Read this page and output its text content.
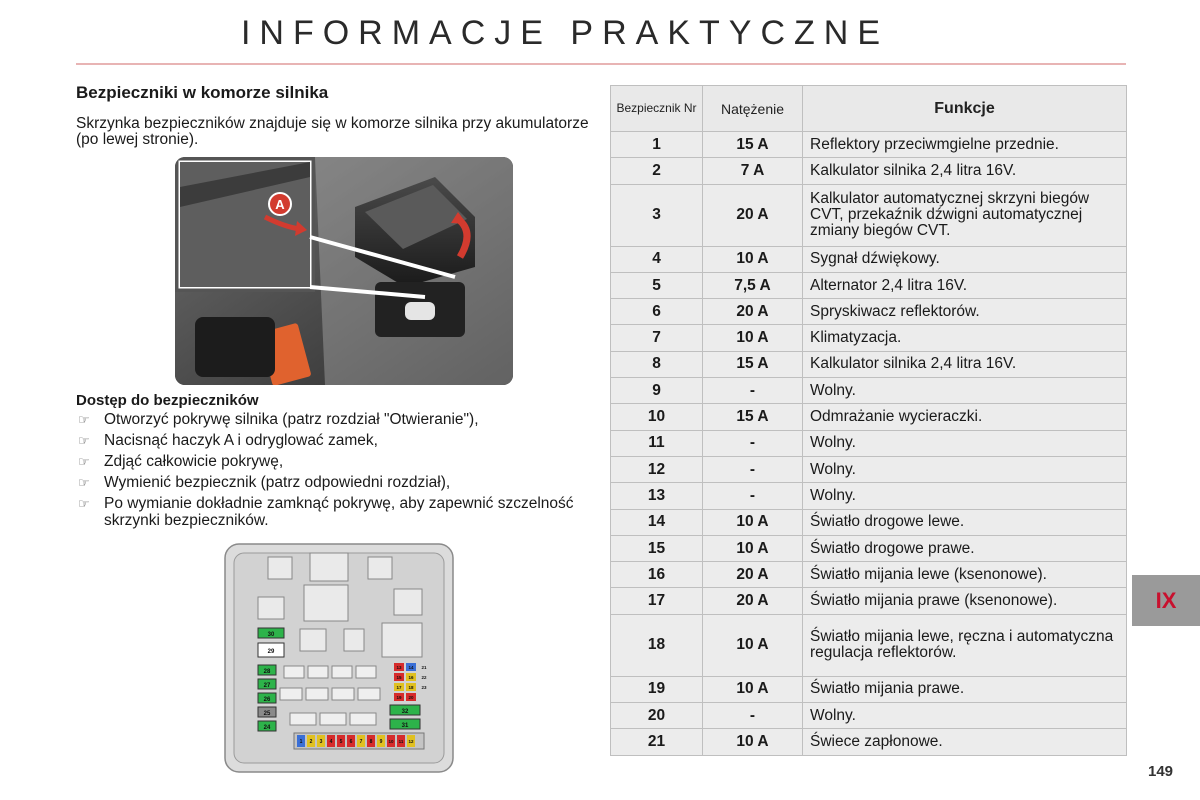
INFORMACJE PRAKTYCZNE
Bezpieczniki w komorze silnika
Skrzynka bezpieczników znajduje się w komorze silnika przy akumulatorze (po lewej stronie).
A
Dostęp do bezpieczników
☞ Otworzyć pokrywę silnika (patrz rozdział "Otwieranie"),
☞ Nacisnąć haczyk A i odryglować zamek,
☞ Zdjąć całkowicie pokrywę,
☞ Wymienić bezpiecznik (patrz odpowiedni rozdział),
☞ Po wymianie dokładnie zamknąć pokrywę, aby zapewnić szczelność skrzynki bezpieczników.
30
29
28
27
26
25
24
32
31
1 2 3 4 5 6 7 8 9 10 11 12
13 14
15 16
17 18
19 20
21
22
23
Bezpiecznik Nr	Natężenie	Funkcje
1	15 A	Reflektory przeciwmgielne przednie.
2	7 A	Kalkulator silnika 2,4 litra 16V.
3	20 A	Kalkulator automatycznej skrzyni biegów CVT, przekaźnik dźwigni automatycznej zmiany biegów CVT.
4	10 A	Sygnał dźwiękowy.
5	7,5 A	Alternator 2,4 litra 16V.
6	20 A	Spryskiwacz reflektorów.
7	10 A	Klimatyzacja.
8	15 A	Kalkulator silnika 2,4 litra 16V.
9	-	Wolny.
10	15 A	Odmrażanie wycieraczki.
11	-	Wolny.
12	-	Wolny.
13	-	Wolny.
14	10 A	Światło drogowe lewe.
15	10 A	Światło drogowe prawe.
16	20 A	Światło mijania lewe (ksenonowe).
17	20 A	Światło mijania prawe (ksenonowe).
18	10 A	Światło mijania lewe, ręczna i automatyczna regulacja reflektorów.
19	10 A	Światło mijania prawe.
20	-	Wolny.
21	10 A	Świece zapłonowe.
IX
149
